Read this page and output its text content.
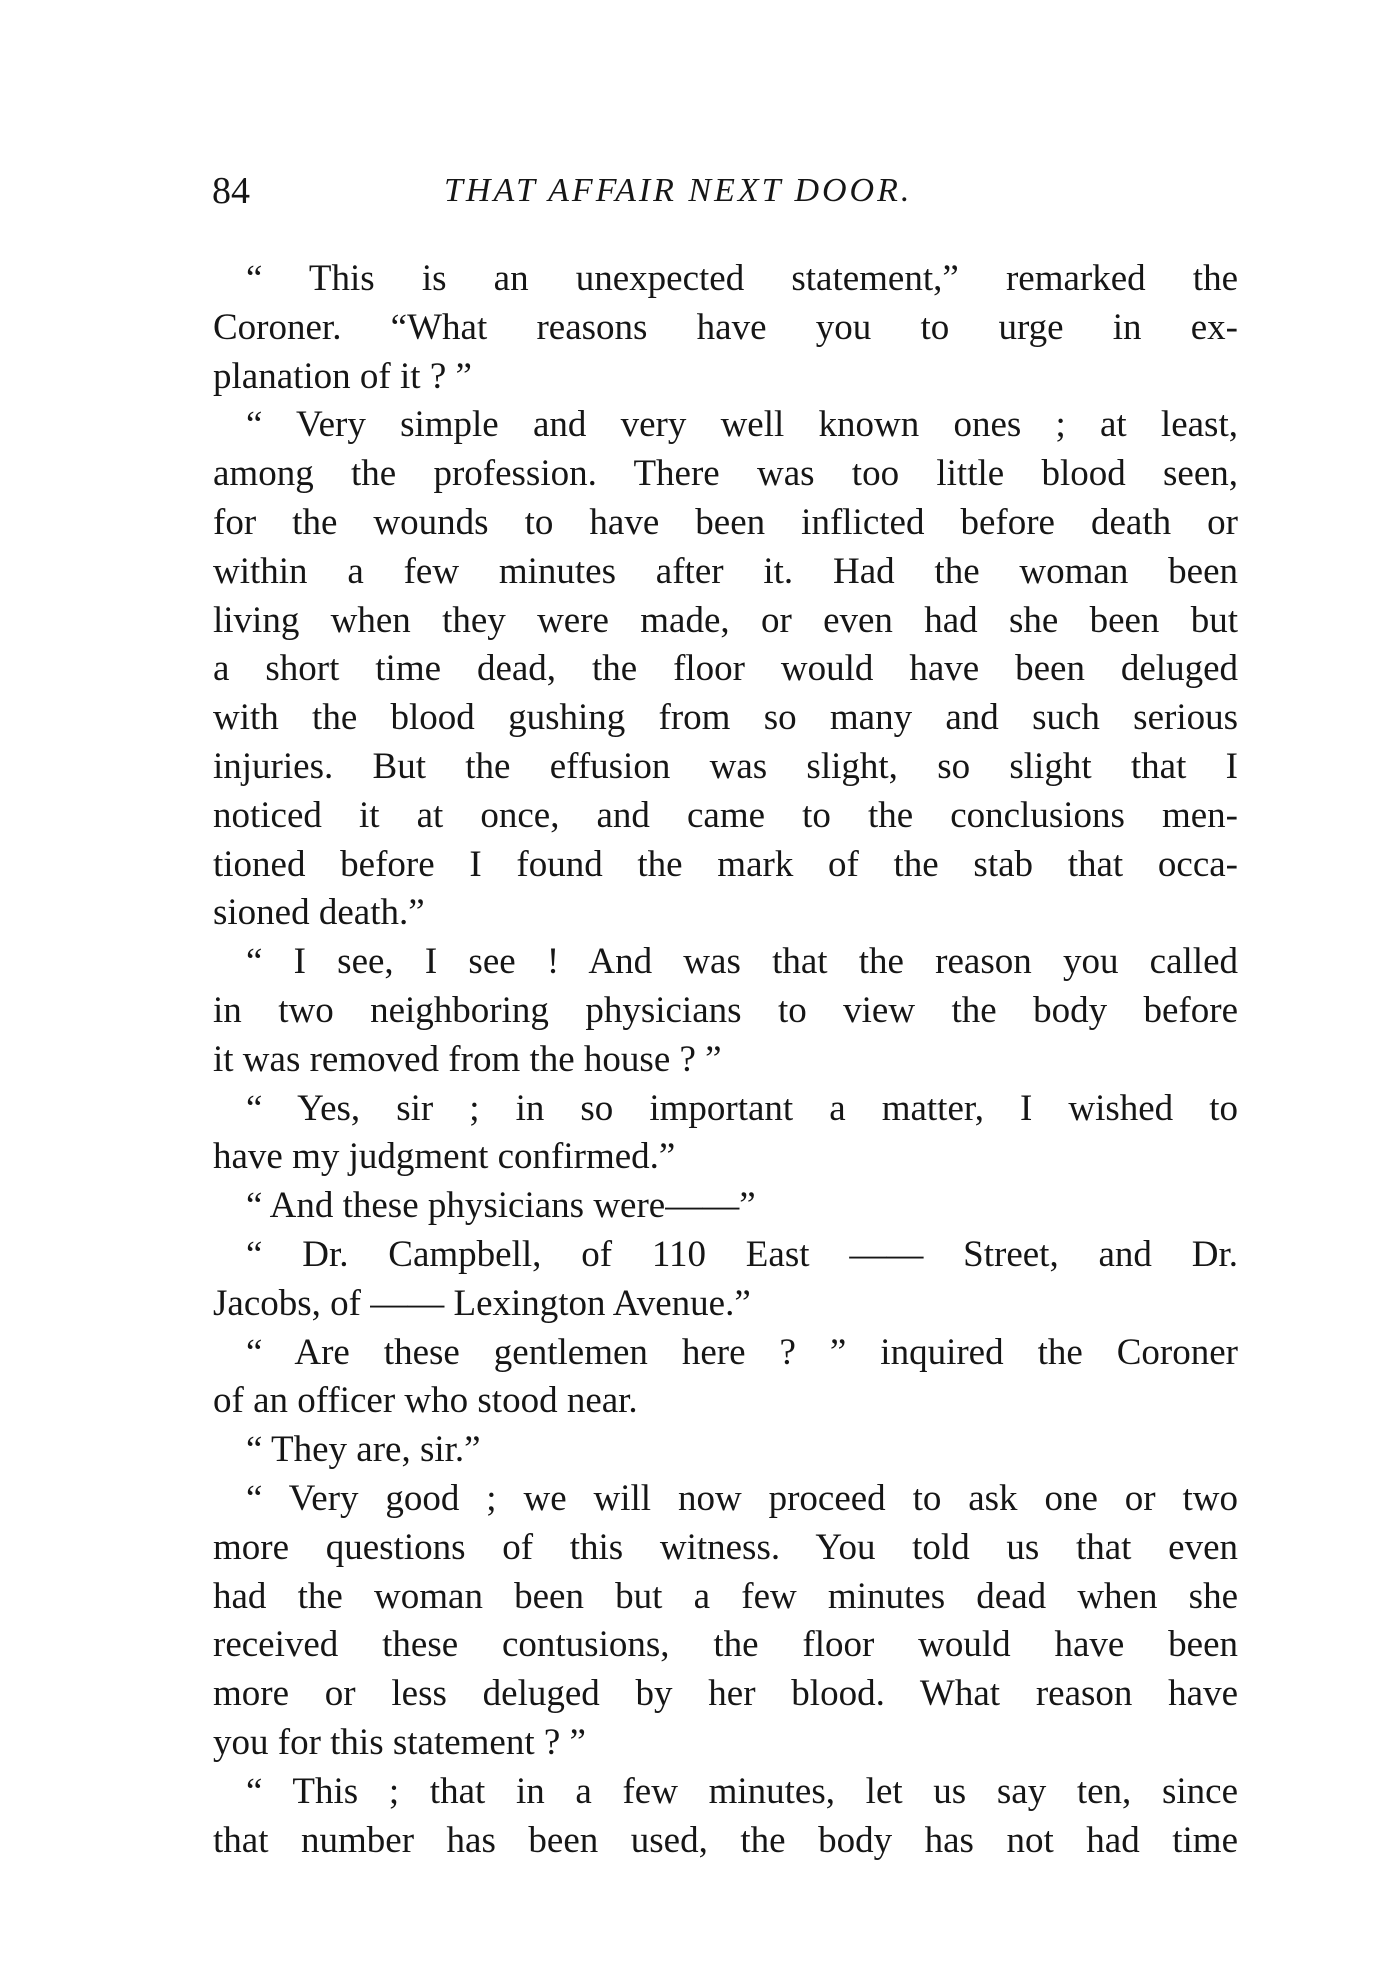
84	THAT AFFAIR NEXT DOOR.
“ This is an unexpected statement,” remarked the
Coroner. “What reasons have you to urge in ex-
planation of it ? ”
“ Very simple and very well known ones ; at least,
among the profession. There was too little blood seen,
for the wounds to have been inflicted before death or
within a few minutes after it. Had the woman been
living when they were made, or even had she been but
a short time dead, the floor would have been deluged
with the blood gushing from so many and such serious
injuries. But the effusion was slight, so slight that I
noticed it at once, and came to the conclusions men-
tioned before I found the mark of the stab that occa-
sioned death.”
“ I see, I see ! And was that the reason you called
in two neighboring physicians to view the body before
it was removed from the house ? ”
“ Yes, sir ; in so important a matter, I wished to
have my judgment confirmed.”
“ And these physicians were——”
“ Dr. Campbell, of 110 East —— Street, and Dr.
Jacobs, of —— Lexington Avenue.”
“ Are these gentlemen here ? ” inquired the Coroner
of an officer who stood near.
“ They are, sir.”
“ Very good ; we will now proceed to ask one or two
more questions of this witness. You told us that even
had the woman been but a few minutes dead when she
received these contusions, the floor would have been
more or less deluged by her blood. What reason have
you for this statement ? ”
“ This ; that in a few minutes, let us say ten, since
that number has been used, the body has not had time
